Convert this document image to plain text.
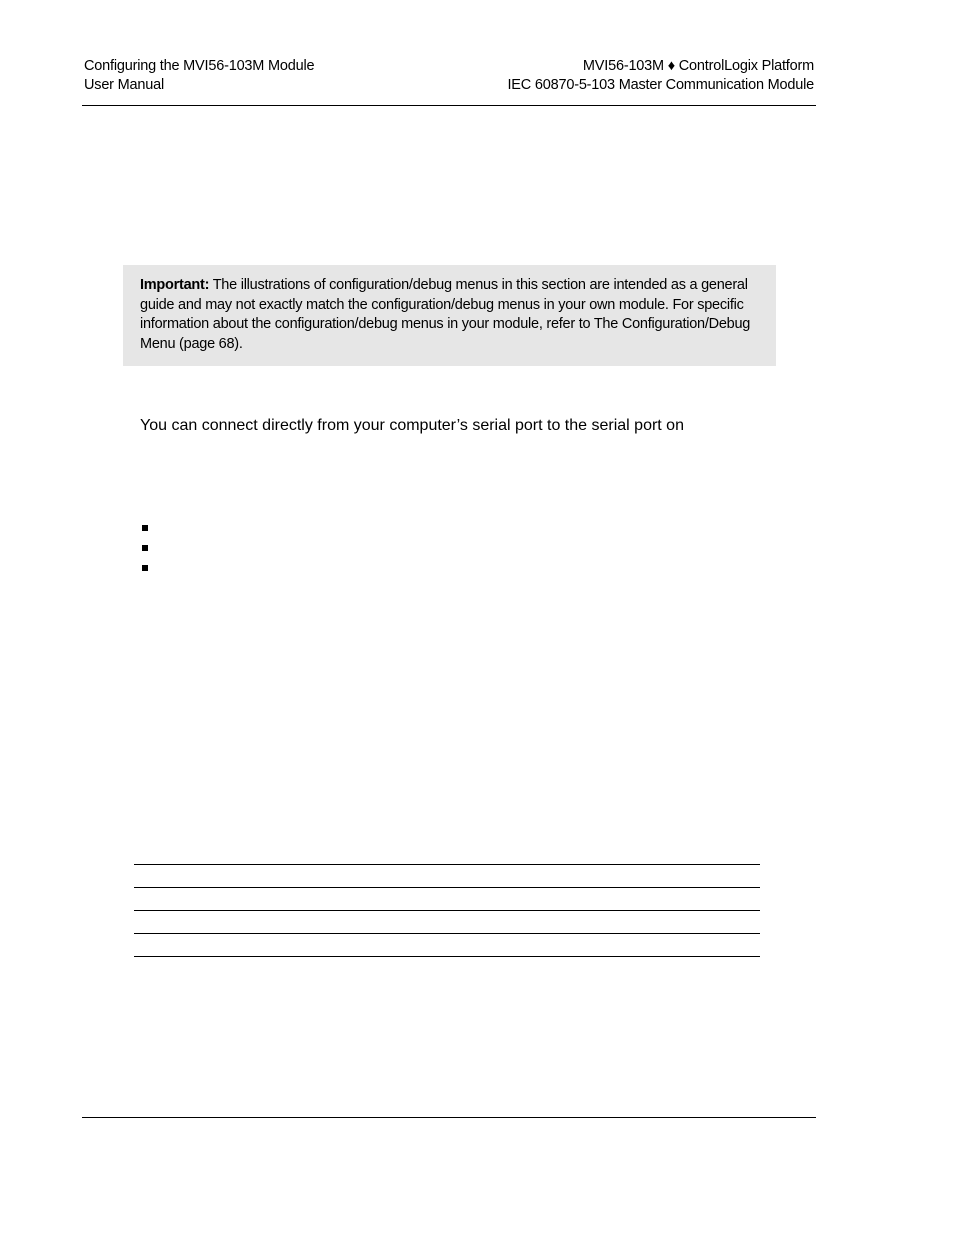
Configuring the MVI56-103M Module
User Manual
MVI56-103M ♦ ControlLogix Platform
IEC 60870-5-103 Master Communication Module
Important: The illustrations of configuration/debug menus in this section are intended as a general guide and may not exactly match the configuration/debug menus in your own module. For specific information about the configuration/debug menus in your module, refer to The Configuration/Debug Menu (page 68).
You can connect directly from your computer’s serial port to the serial port on
